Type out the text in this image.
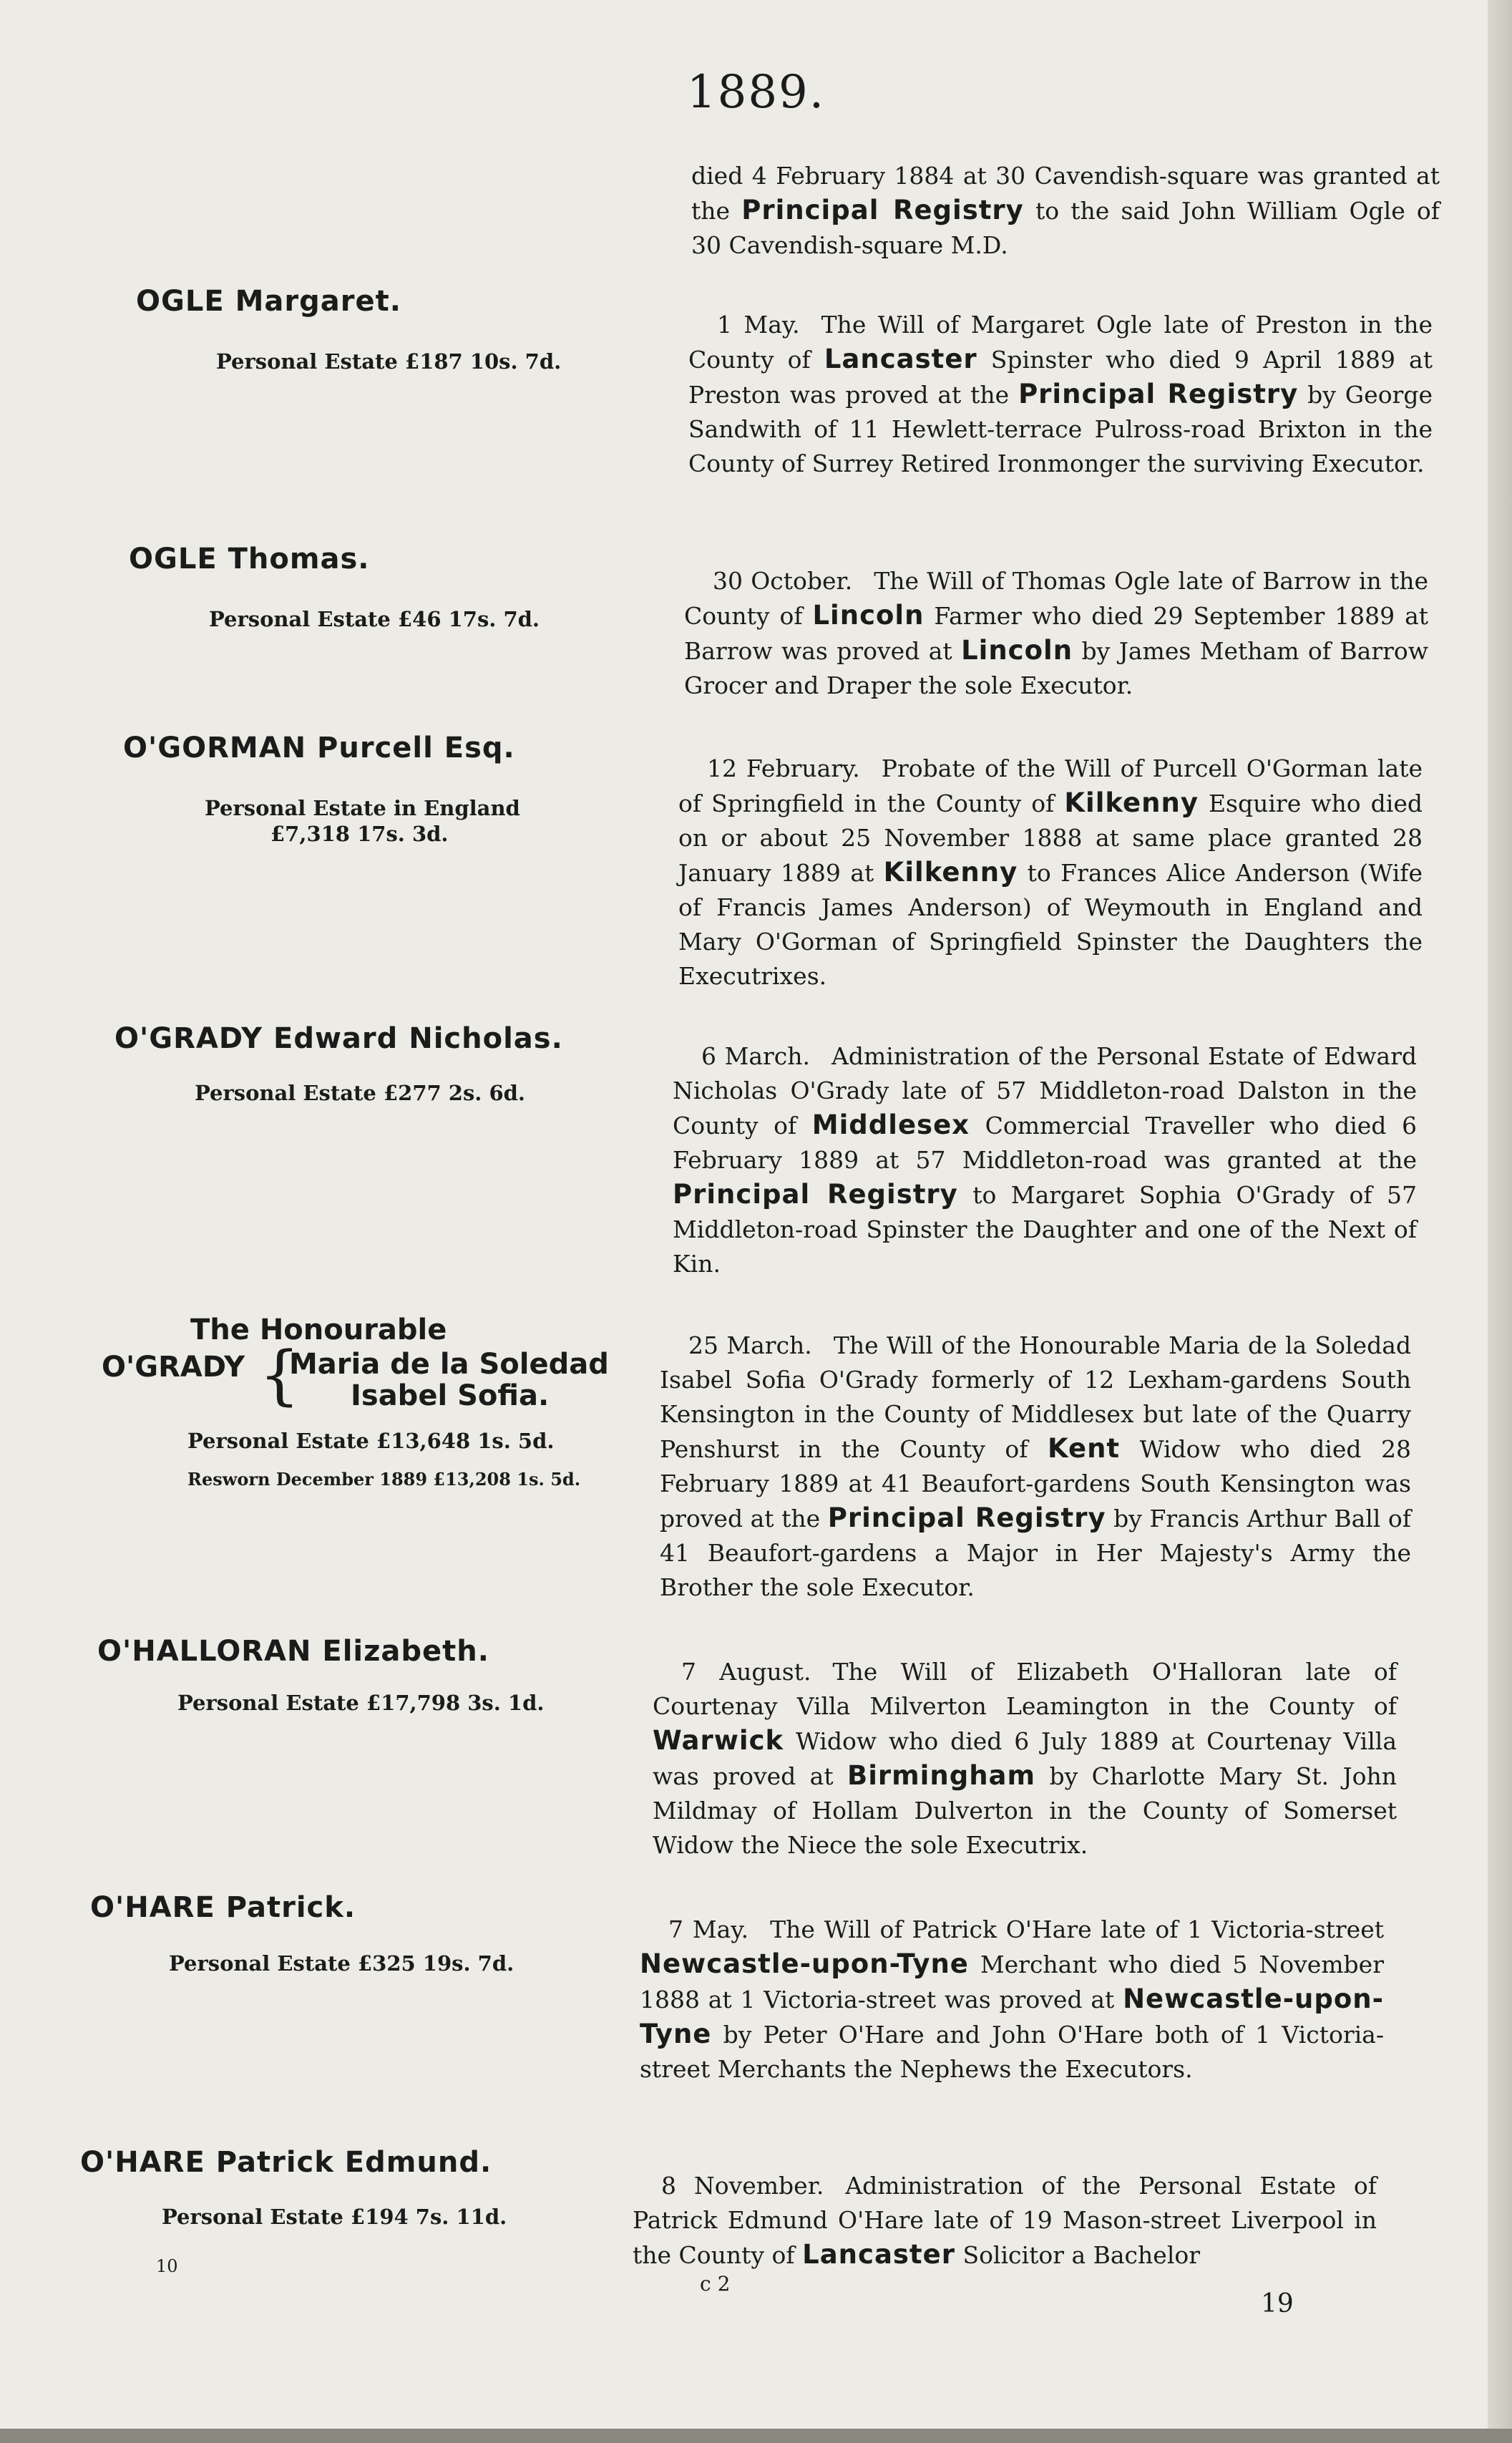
1889.
died 4 February 1884 at 30 Cavendish-square was granted at the Principal Registry to the said John William Ogle of 30 Cavendish-square M.D.
OGLE Margaret.
Personal Estate £187 10s. 7d.
1 May. The Will of Margaret Ogle late of Preston in the County of Lancaster Spinster who died 9 April 1889 at Preston was proved at the Principal Registry by George Sandwith of 11 Hewlett-terrace Pulross-road Brixton in the County of Surrey Retired Ironmonger the surviving Executor.
OGLE Thomas.
Personal Estate £46 17s. 7d.
30 October. The Will of Thomas Ogle late of Barrow in the County of Lincoln Farmer who died 29 September 1889 at Barrow was proved at Lincoln by James Metham of Barrow Grocer and Draper the sole Executor.
O'GORMAN Purcell Esq.
Personal Estate in England
£7,318 17s. 3d.
12 February. Probate of the Will of Purcell O'Gorman late of Springfield in the County of Kilkenny Esquire who died on or about 25 November 1888 at same place granted 28 January 1889 at Kilkenny to Frances Alice Anderson (Wife of Francis James Anderson) of Weymouth in England and Mary O'Gorman of Springfield Spinster the Daughters the Executrixes.
O'GRADY Edward Nicholas.
Personal Estate £277 2s. 6d.
6 March. Administration of the Personal Estate of Edward Nicholas O'Grady late of 57 Middleton-road Dalston in the County of Middlesex Commercial Traveller who died 6 February 1889 at 57 Middleton-road was granted at the Principal Registry to Margaret Sophia O'Grady of 57 Middleton-road Spinster the Daughter and one of the Next of Kin.
The Honourable
O'GRADY {
Maria de la Soledad
Isabel Sofia.
Personal Estate £13,648 1s. 5d.
Resworn December 1889 £13,208 1s. 5d.
25 March. The Will of the Honourable Maria de la Soledad Isabel Sofia O'Grady formerly of 12 Lexham-gardens South Kensington in the County of Middlesex but late of the Quarry Penshurst in the County of Kent Widow who died 28 February 1889 at 41 Beaufort-gardens South Kensington was proved at the Principal Registry by Francis Arthur Ball of 41 Beaufort-gardens a Major in Her Majesty's Army the Brother the sole Executor.
O'HALLORAN Elizabeth.
Personal Estate £17,798 3s. 1d.
7 August. The Will of Elizabeth O'Halloran late of Courtenay Villa Milverton Leamington in the County of Warwick Widow who died 6 July 1889 at Courtenay Villa was proved at Birmingham by Charlotte Mary St. John Mildmay of Hollam Dulverton in the County of Somerset Widow the Niece the sole Executrix.
O'HARE Patrick.
Personal Estate £325 19s. 7d.
7 May. The Will of Patrick O'Hare late of 1 Victoria-street Newcastle-upon-Tyne Merchant who died 5 November 1888 at 1 Victoria-street was proved at Newcastle-upon-Tyne by Peter O'Hare and John O'Hare both of 1 Victoria-street Merchants the Nephews the Executors.
O'HARE Patrick Edmund.
Personal Estate £194 7s. 11d.
8 November. Administration of the Personal Estate of Patrick Edmund O'Hare late of 19 Mason-street Liverpool in the County of Lancaster Solicitor a Bachelor
10
c 2
19
